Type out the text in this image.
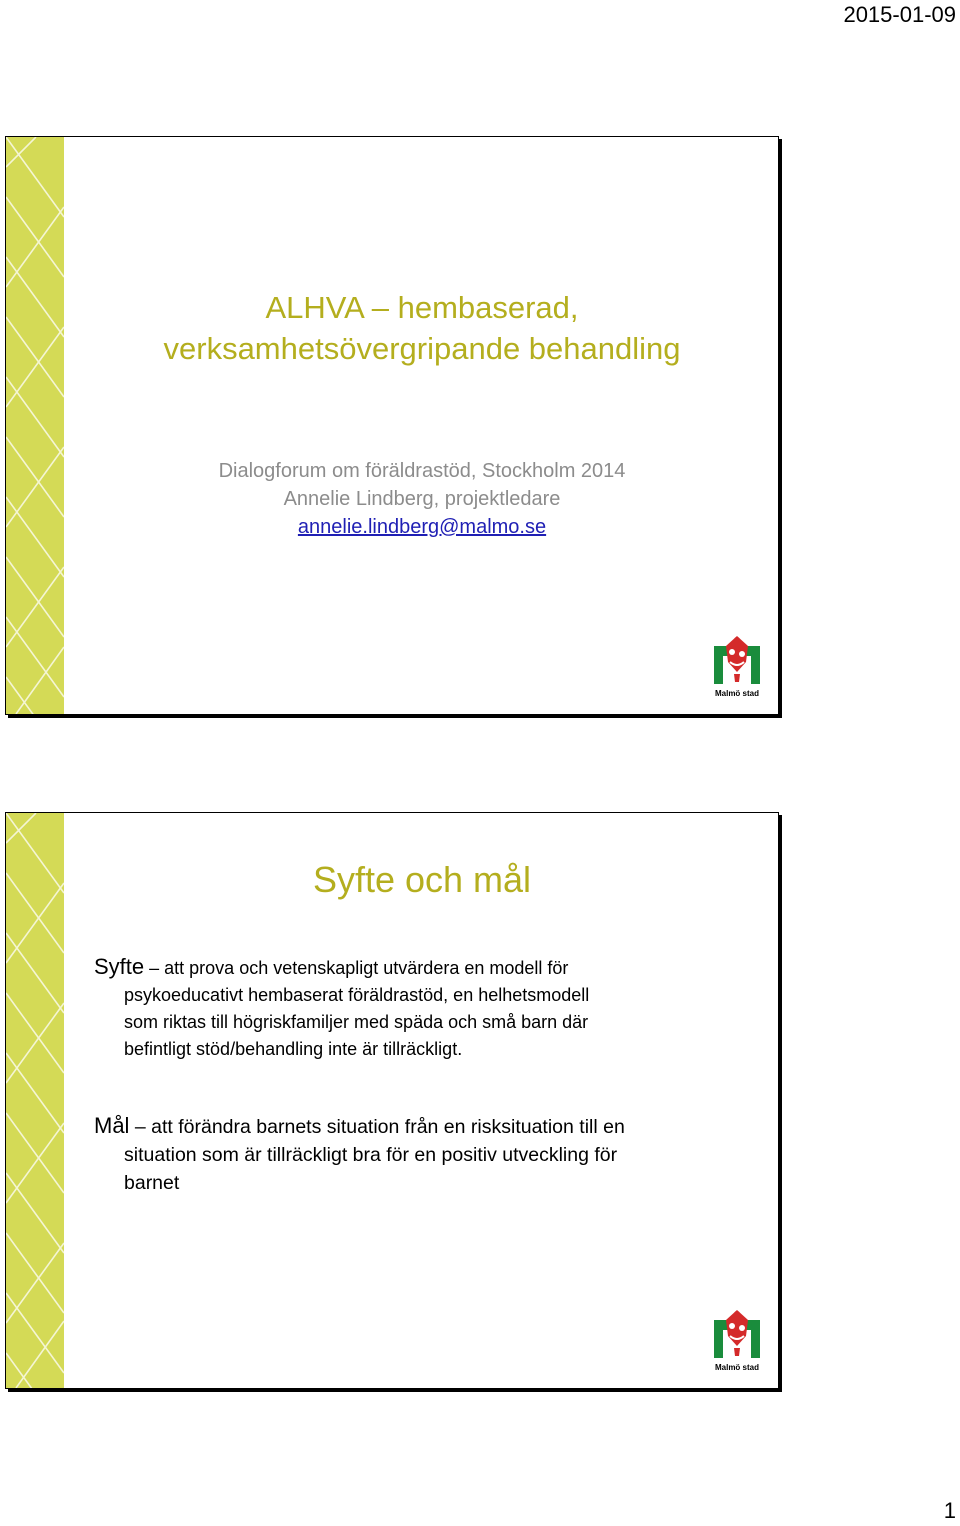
2015-01-09
ALHVA – hembaserad,
verksamhetsövergripande behandling
Dialogforum om föräldrastöd, Stockholm 2014
Annelie Lindberg, projektledare
annelie.lindberg@malmo.se
Malmö stad
Syfte och mål
Syfte – att prova och vetenskapligt utvärdera en modell för
psykoeducativt hembaserat föräldrastöd, en helhetsmodell
som riktas till högriskfamiljer med späda och små barn där
befintligt stöd/behandling inte är tillräckligt.
Mål – att förändra barnets situation från en risksituation till en
situation som är tillräckligt bra för en positiv utveckling för
barnet
Malmö stad
1
